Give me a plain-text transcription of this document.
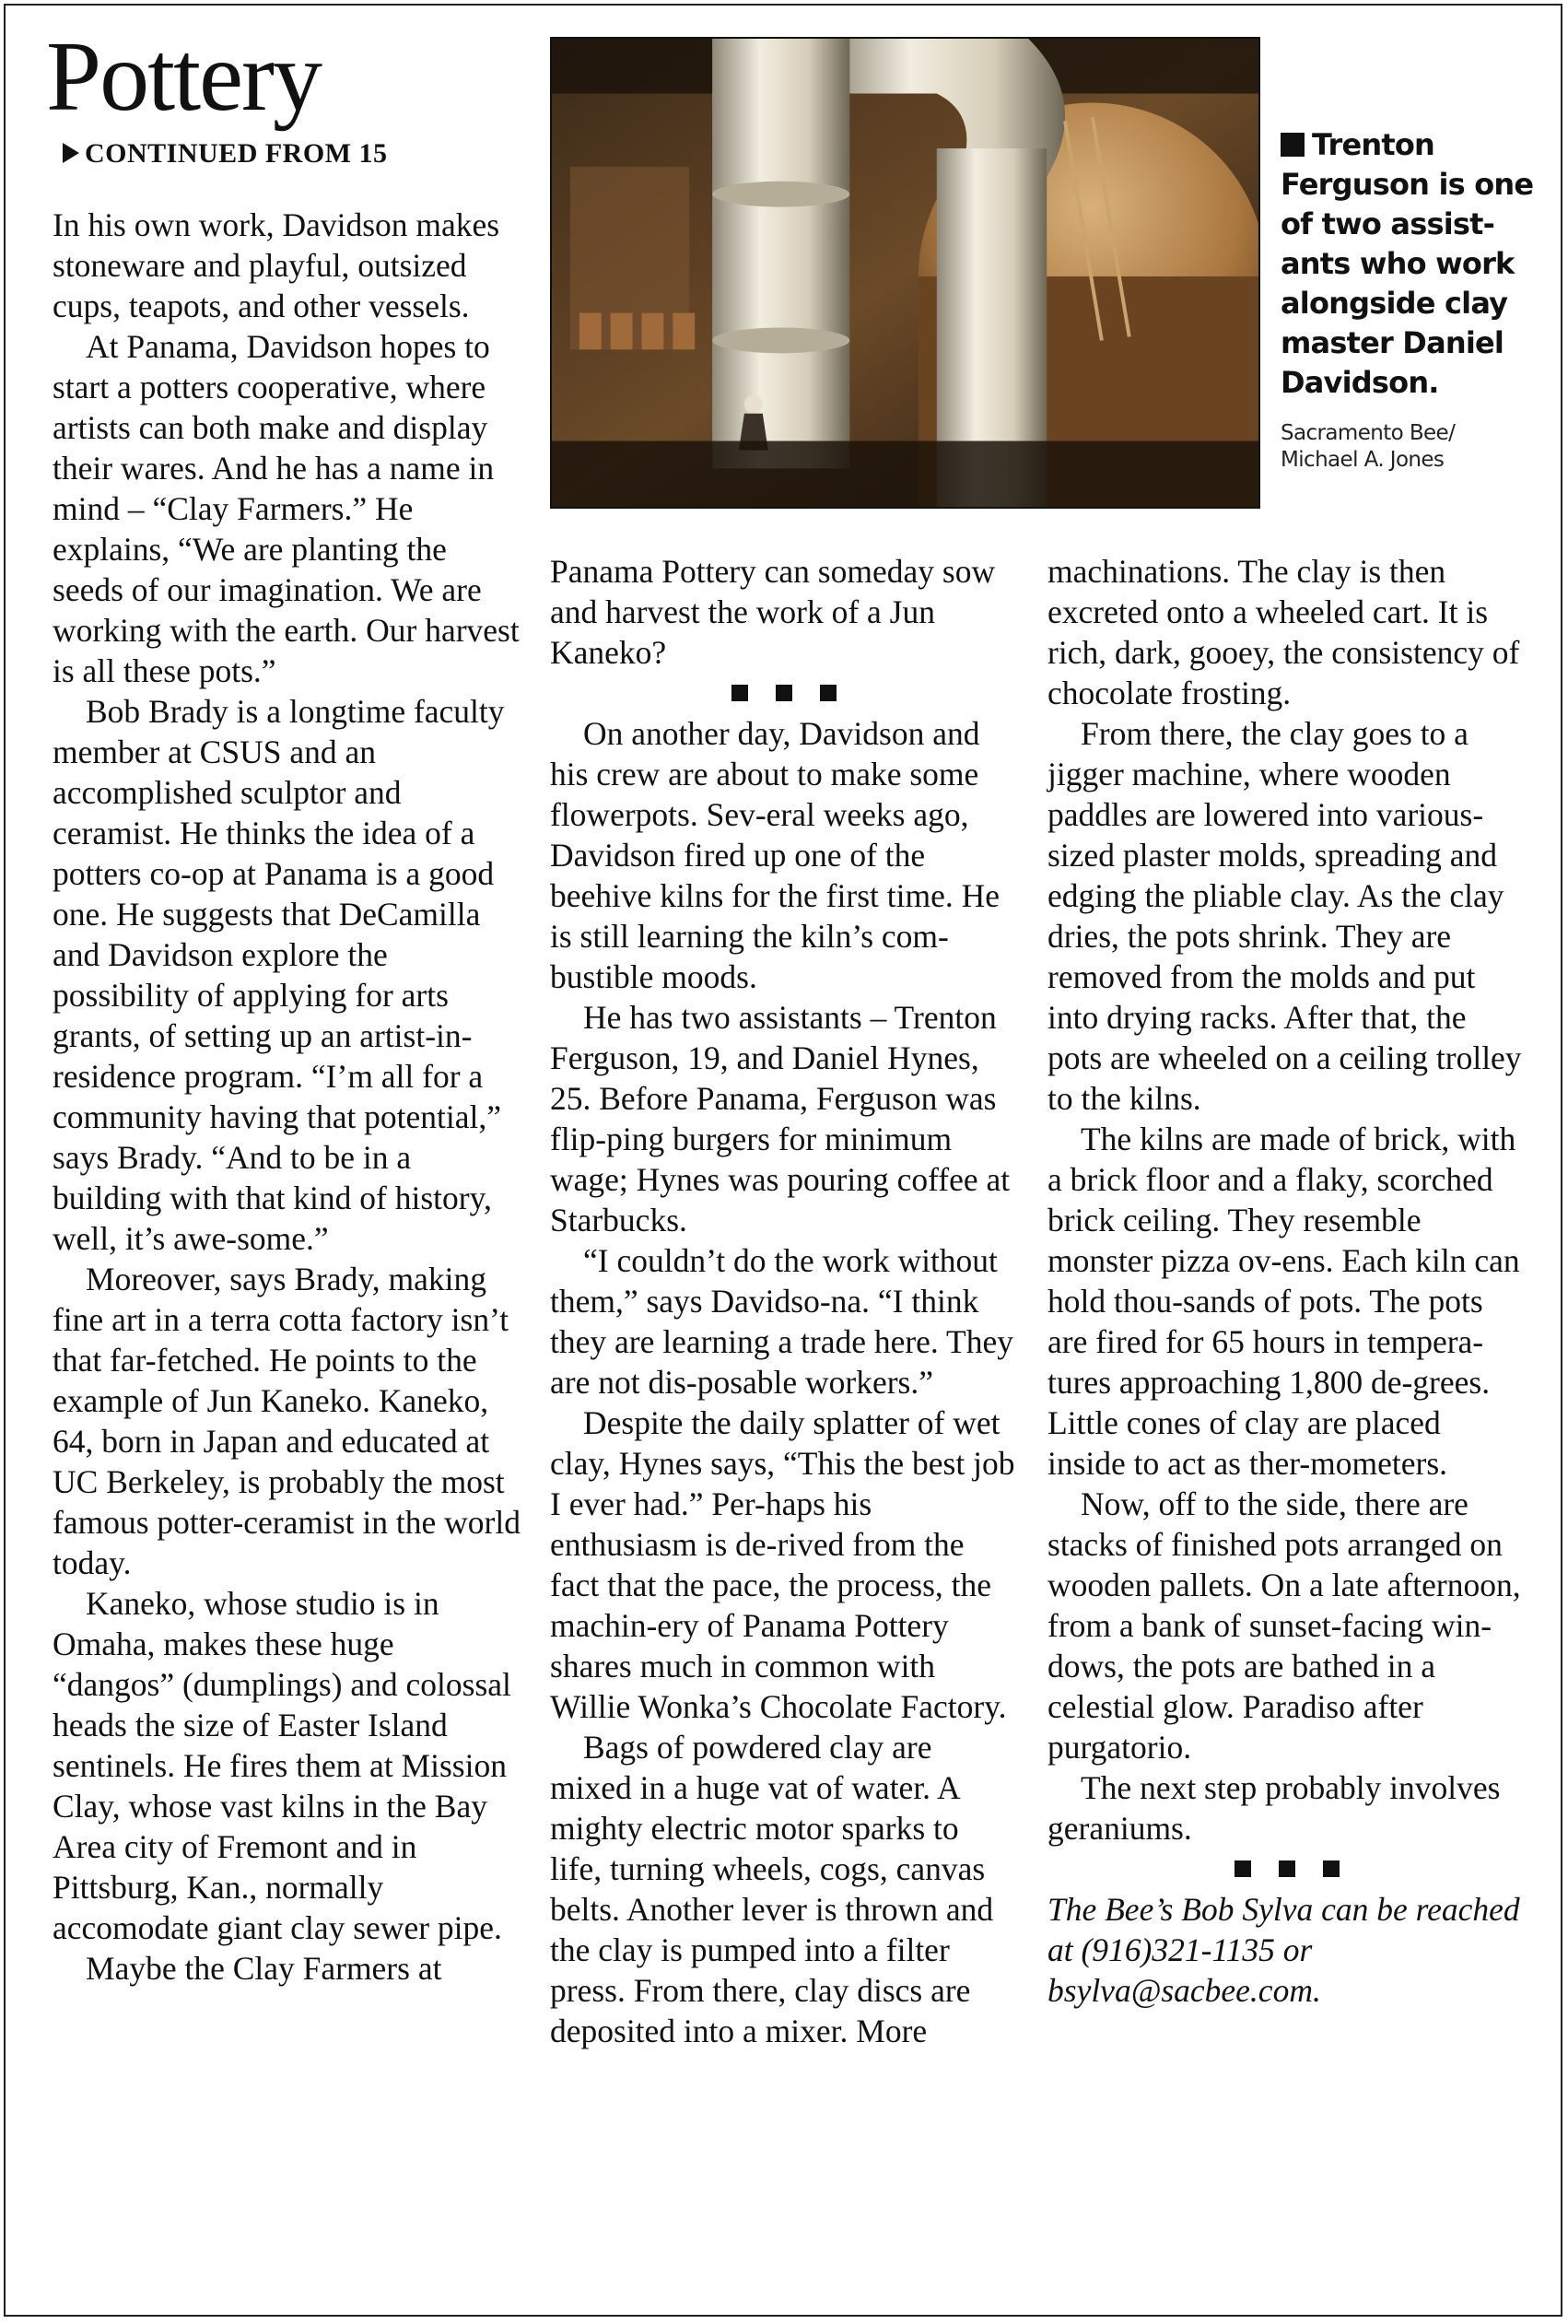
Pottery
CONTINUED FROM 15

In his own work, Davidson makes stoneware and playful, outsized cups, teapots, and other vessels.

At Panama, Davidson hopes to start a potters cooperative, where artists can both make and display their wares. And he has a name in mind – “Clay Farmers.” He explains, “We are planting the seeds of our imagination. We are working with the earth. Our harvest is all these pots.”

Bob Brady is a longtime faculty member at CSUS and an accomplished sculptor and ceramist. He thinks the idea of a potters co-op at Panama is a good one. He suggests that DeCamilla and Davidson explore the possibility of applying for arts grants, of setting up an artist-in-residence program. “I’m all for a community having that potential,” says Brady. “And to be in a building with that kind of history, well, it’s awe-some.”

Moreover, says Brady, making fine art in a terra cotta factory isn’t that far-fetched. He points to the example of Jun Kaneko. Kaneko, 64, born in Japan and educated at UC Berkeley, is probably the most famous potter-ceramist in the world today.

Kaneko, whose studio is in Omaha, makes these huge “dangos” (dumplings) and colossal heads the size of Easter Island sentinels. He fires them at Mission Clay, whose vast kilns in the Bay Area city of Fremont and in Pittsburg, Kan., normally accomodate giant clay sewer pipe.

Maybe the Clay Farmers at

Trenton Ferguson is one of two assist-ants who work alongside clay master Daniel Davidson.
Sacramento Bee/
Michael A. Jones

Panama Pottery can someday sow and harvest the work of a Jun Kaneko?

On another day, Davidson and his crew are about to make some flowerpots. Sev-eral weeks ago, Davidson fired up one of the beehive kilns for the first time. He is still learning the kiln’s com-bustible moods.

He has two assistants – Trenton Ferguson, 19, and Daniel Hynes, 25. Before Panama, Ferguson was flip-ping burgers for minimum wage; Hynes was pouring coffee at Starbucks.

“I couldn’t do the work without them,” says Davidso-na. “I think they are learning a trade here. They are not dis-posable workers.”

Despite the daily splatter of wet clay, Hynes says, “This the best job I ever had.” Per-haps his enthusiasm is de-rived from the fact that the pace, the process, the machin-ery of Panama Pottery shares much in common with Willie Wonka’s Chocolate Factory.

Bags of powdered clay are mixed in a huge vat of water. A mighty electric motor sparks to life, turning wheels, cogs, canvas belts. Another lever is thrown and the clay is pumped into a filter press. From there, clay discs are deposited into a mixer. More

machinations. The clay is then excreted onto a wheeled cart. It is rich, dark, gooey, the consistency of chocolate frosting.

From there, the clay goes to a jigger machine, where wooden paddles are lowered into various-sized plaster molds, spreading and edging the pliable clay. As the clay dries, the pots shrink. They are removed from the molds and put into drying racks. After that, the pots are wheeled on a ceiling trolley to the kilns.

The kilns are made of brick, with a brick floor and a flaky, scorched brick ceiling. They resemble monster pizza ov-ens. Each kiln can hold thou-sands of pots. The pots are fired for 65 hours in tempera-tures approaching 1,800 de-grees. Little cones of clay are placed inside to act as ther-mometers.

Now, off to the side, there are stacks of finished pots arranged on wooden pallets. On a late afternoon, from a bank of sunset-facing win-dows, the pots are bathed in a celestial glow. Paradiso after purgatorio.

The next step probably involves geraniums.

The Bee’s Bob Sylva can be reached at (916)321-1135 or bsylva@sacbee.com.
